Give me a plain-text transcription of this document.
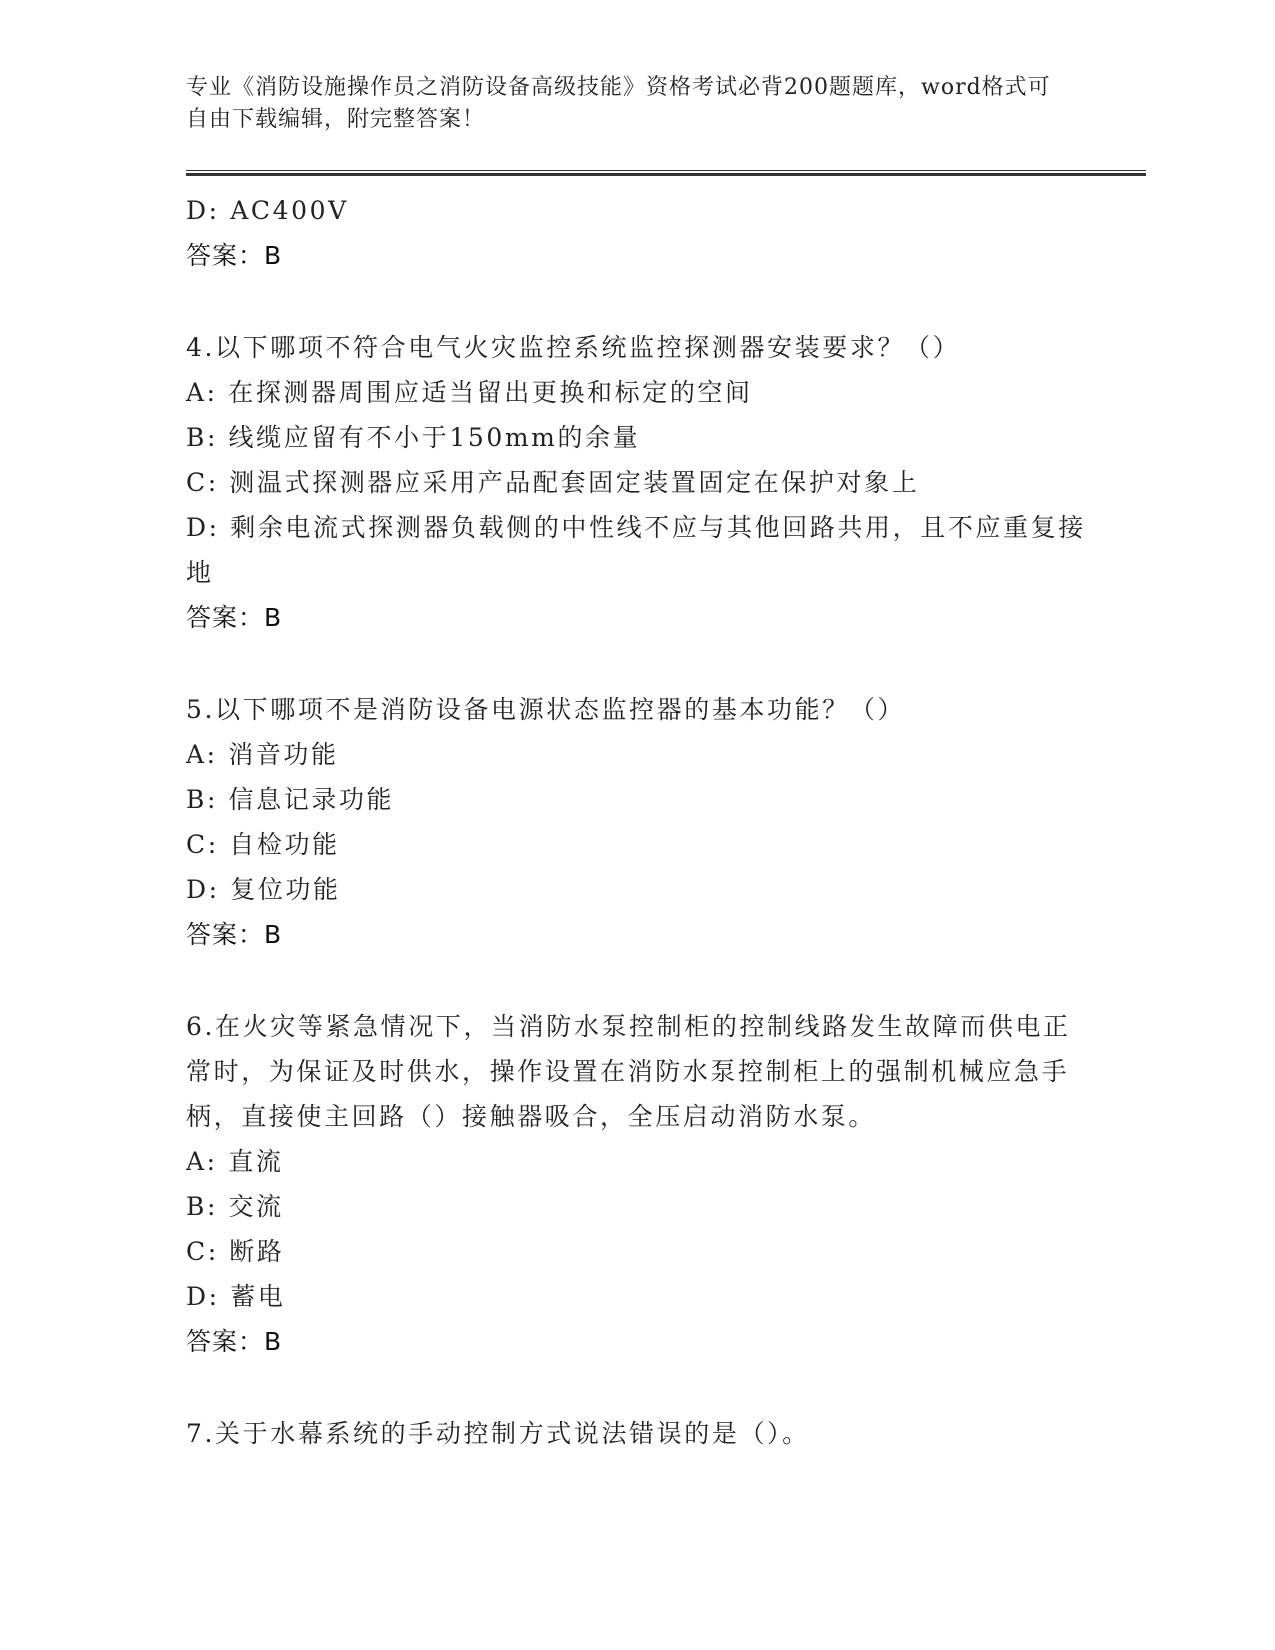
专业《消防设施操作员之消防设备高级技能》资格考试必背200题题库，word格式可自由下载编辑，附完整答案！
D: AC400V
答案：B
4.以下哪项不符合电气火灾监控系统监控探测器安装要求？（）
A: 在探测器周围应适当留出更换和标定的空间
B: 线缆应留有不小于150mm的余量
C: 测温式探测器应采用产品配套固定装置固定在保护对象上
D: 剩余电流式探测器负载侧的中性线不应与其他回路共用，且不应重复接地
答案：B
5.以下哪项不是消防设备电源状态监控器的基本功能？（）
A: 消音功能
B: 信息记录功能
C: 自检功能
D: 复位功能
答案：B
6.在火灾等紧急情况下，当消防水泵控制柜的控制线路发生故障而供电正常时，为保证及时供水，操作设置在消防水泵控制柜上的强制机械应急手柄，直接使主回路（）接触器吸合，全压启动消防水泵。
A: 直流
B: 交流
C: 断路
D: 蓄电
答案：B
7.关于水幕系统的手动控制方式说法错误的是（）。
